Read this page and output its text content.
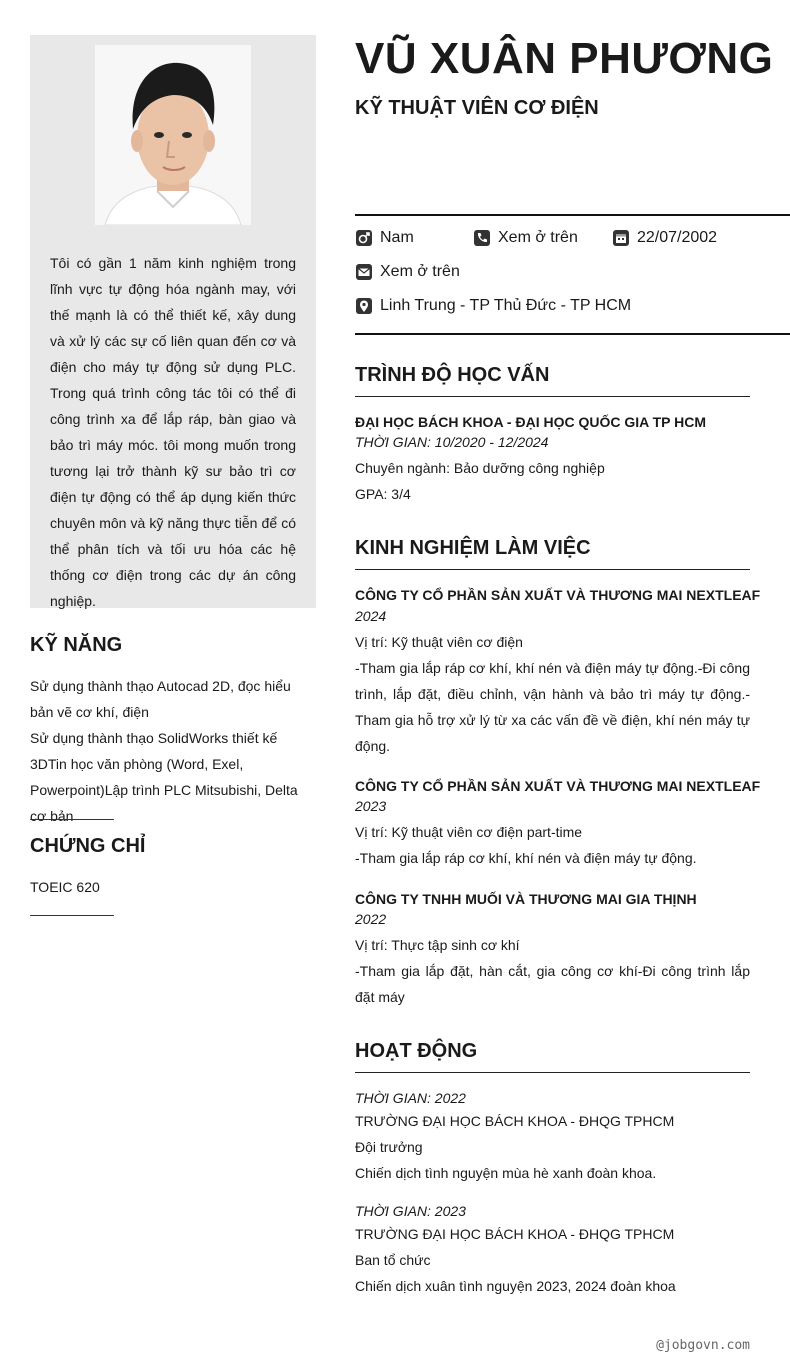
Tôi có gần 1 năm kinh nghiệm trong lĩnh vực tự động hóa ngành may, với thế mạnh là có thể thiết kế, xây dung và xử lý các sự cố liên quan đến cơ và điện cho máy tự động sử dụng PLC. Trong quá trình công tác tôi có thể đi công trình xa để lắp ráp, bàn giao và bảo trì máy móc. tôi mong muốn trong tương lại trở thành kỹ sư bảo trì cơ điện tự động có thể áp dụng kiến thức chuyên môn và kỹ năng thực tiễn để có thể phân tích và tối ưu hóa các hệ thống cơ điện trong các dự án công nghiệp.

KỸ NĂNG

Sử dụng thành thạo Autocad 2D, đọc hiểu bản vẽ cơ khí, điện
Sử dụng thành thạo SolidWorks thiết kế 3DTin học văn phòng (Word, Exel, Powerpoint)Lập trình PLC Mitsubishi, Delta cơ bản

CHỨNG CHỈ

TOEIC 620

VŨ XUÂN PHƯƠNG
KỸ THUẬT VIÊN CƠ ĐIỆN
Nam	Xem ở trên	22/07/2002
Xem ở trên
Linh Trung - TP Thủ Đức - TP HCM
TRÌNH ĐỘ HỌC VẤN
ĐẠI HỌC BÁCH KHOA - ĐẠI HỌC QUỐC GIA TP HCM
THỜI GIAN: 10/2020 - 12/2024
Chuyên ngành: Bảo dưỡng công nghiệp
GPA: 3/4
KINH NGHIỆM LÀM VIỆC
CÔNG TY CỔ PHẦN SẢN XUẤT VÀ THƯƠNG MAI NEXTLEAF
2024
Vị trí: Kỹ thuật viên cơ điện
-Tham gia lắp ráp cơ khí, khí nén và điện máy tự động.-Đi công trình, lắp đặt, điều chỉnh, vận hành và bảo trì máy tự động.-Tham gia hỗ trợ xử lý từ xa các vấn đề về điện, khí nén máy tự động.
CÔNG TY CỔ PHẦN SẢN XUẤT VÀ THƯƠNG MAI NEXTLEAF
2023
Vị trí: Kỹ thuật viên cơ điện part-time
-Tham gia lắp ráp cơ khí, khí nén và điện máy tự động.
CÔNG TY TNHH MUỐI VÀ THƯƠNG MAI GIA THỊNH
2022
Vị trí: Thực tập sinh cơ khí
-Tham gia lắp đặt, hàn cắt, gia công cơ khí-Đi công trình lắp đặt máy
HOẠT ĐỘNG
THỜI GIAN: 2022
TRƯỜNG ĐẠI HỌC BÁCH KHOA - ĐHQG TPHCM
Đội trưởng
Chiến dịch tình nguyện mùa hè xanh đoàn khoa.
THỜI GIAN: 2023
TRƯỜNG ĐẠI HỌC BÁCH KHOA - ĐHQG TPHCM
Ban tổ chức
Chiến dịch xuân tình nguyện 2023, 2024 đoàn khoa
@jobgovn.com
